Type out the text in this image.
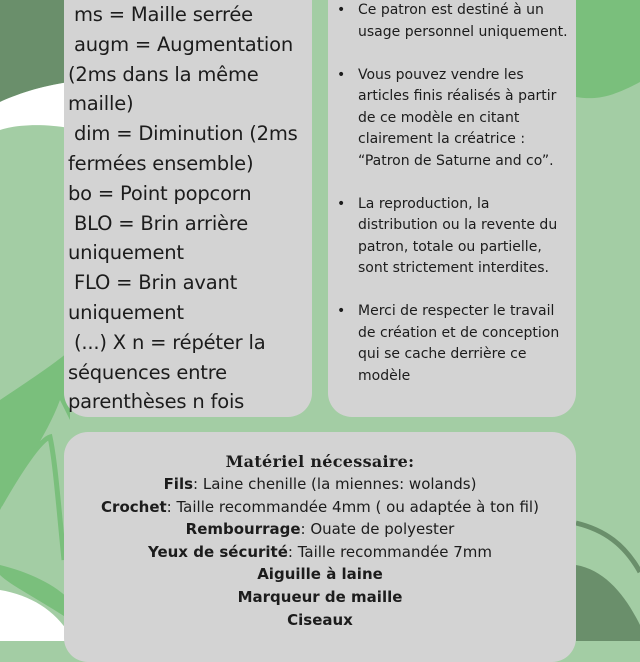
ms = Maille serrée
augm = Augmentation (2ms dans la même maille)
dim = Diminution (2ms fermées ensemble)
bo = Point popcorn
BLO = Brin arrière uniquement
FLO = Brin avant uniquement
(...) X n = répéter la séquences entre parenthèses n fois
• Ce patron est destiné à un usage personnel uniquement.
• Vous pouvez vendre les articles finis réalisés à partir de ce modèle en citant clairement la créatrice : “Patron de Saturne and co”.
• La reproduction, la distribution ou la revente du patron, totale ou partielle, sont strictement interdites.
• Merci de respecter le travail de création et de conception qui se cache derrière ce modèle
Matériel nécessaire:
Fils: Laine chenille (la miennes: wolands)
Crochet: Taille recommandée 4mm ( ou adaptée à ton fil)
Rembourrage: Ouate de polyester
Yeux de sécurité: Taille recommandée 7mm
Aiguille à laine
Marqueur de maille
Ciseaux
